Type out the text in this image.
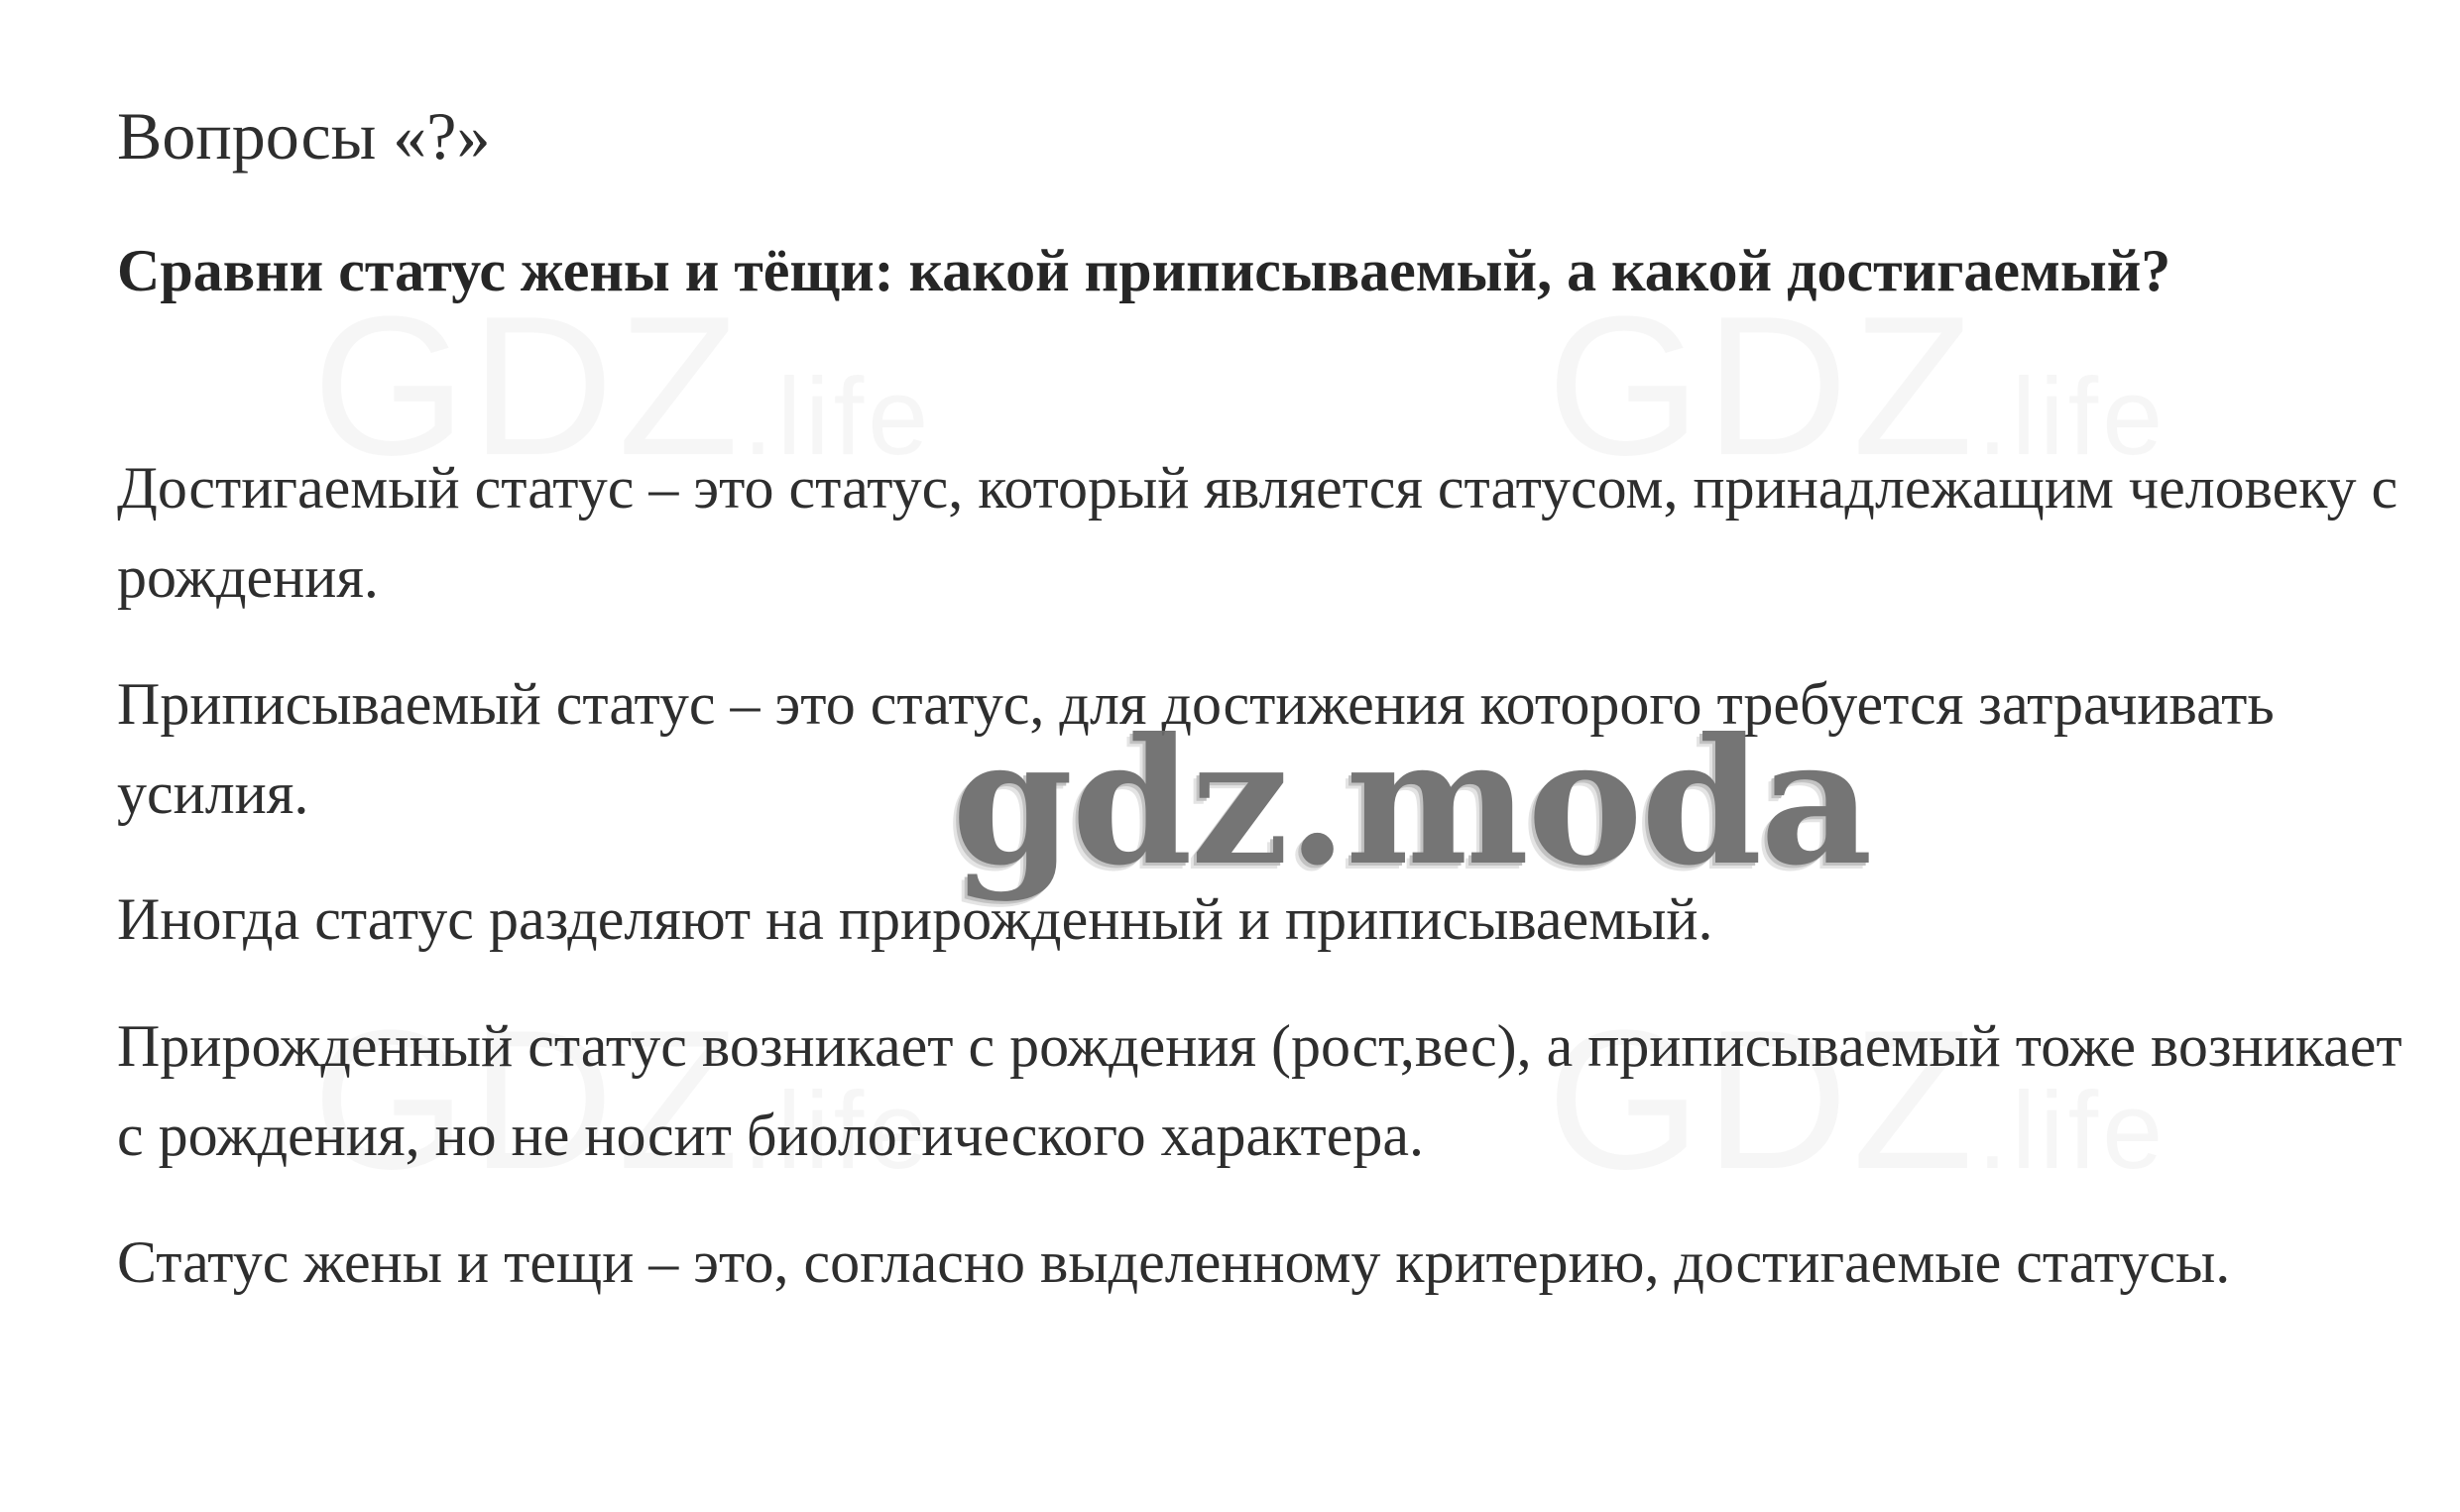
Вопросы «?»

Сравни статус жены и тёщи: какой приписываемый, а какой достигаемый?

Достигаемый статус – это статус, который является статусом, принадлежащим человеку с рождения.

Приписываемый статус – это статус, для достижения которого требуется затрачивать усилия.

Иногда статус разделяют на прирожденный и приписываемый.

Прирожденный статус возникает с рождения (рост,вес), а приписываемый тоже возникает с рождения, но не носит биологического характера.

Статус жены и тещи – это, согласно выделенному критерию, достигаемые статусы.

gdz.moda
